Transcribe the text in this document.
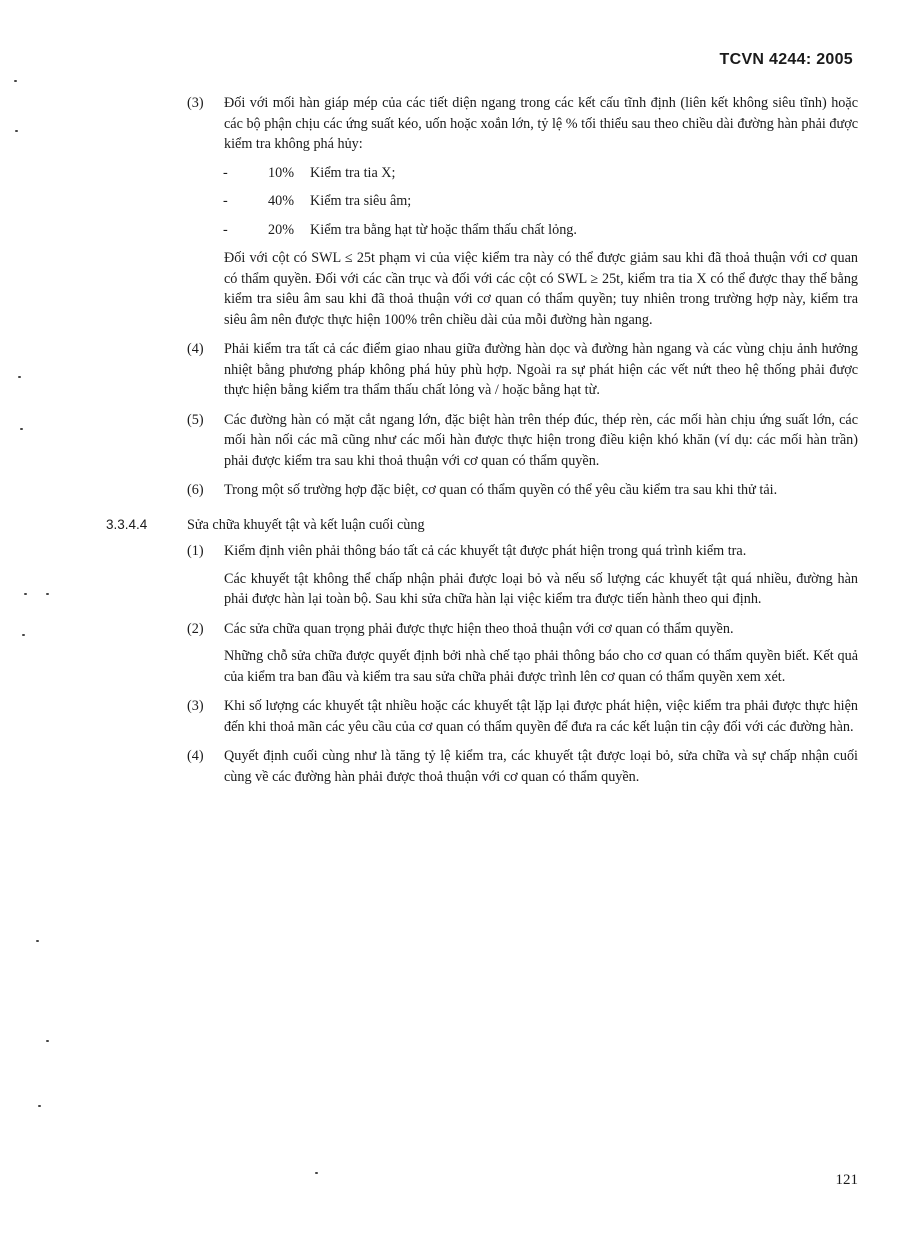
TCVN 4244: 2005
(3) Đối với mối hàn giáp mép của các tiết diện ngang trong các kết cấu tĩnh định (liên kết không siêu tĩnh) hoặc các bộ phận chịu các ứng suất kéo, uốn hoặc xoắn lớn, tỷ lệ % tối thiểu sau theo chiều dài đường hàn phải được kiểm tra không phá hủy:

- 10% Kiểm tra tia X;
- 40% Kiểm tra siêu âm;
- 20% Kiểm tra bằng hạt từ hoặc thẩm thấu chất lỏng.

Đối với cột có SWL ≤ 25t phạm vi của việc kiểm tra này có thể được giảm sau khi đã thoả thuận với cơ quan có thẩm quyền. Đối với các cần trục và đối với các cột có SWL ≥ 25t, kiểm tra tia X có thể được thay thế bằng kiểm tra siêu âm sau khi đã thoả thuận với cơ quan có thẩm quyền; tuy nhiên trong trường hợp này, kiểm tra siêu âm nên được thực hiện 100% trên chiều dài của mỗi đường hàn ngang.

(4) Phải kiểm tra tất cả các điểm giao nhau giữa đường hàn dọc và đường hàn ngang và các vùng chịu ảnh hưởng nhiệt bằng phương pháp không phá hủy phù hợp. Ngoài ra sự phát hiện các vết nứt theo hệ thống phải được thực hiện bằng kiểm tra thẩm thấu chất lỏng và / hoặc bằng hạt từ.

(5) Các đường hàn có mặt cắt ngang lớn, đặc biệt hàn trên thép đúc, thép rèn, các mối hàn chịu ứng suất lớn, các mối hàn nối các mã cũng như các mối hàn được thực hiện trong điều kiện khó khăn (ví dụ: các mối hàn trần) phải được kiểm tra sau khi thoả thuận với cơ quan có thẩm quyền.

(6) Trong một số trường hợp đặc biệt, cơ quan có thẩm quyền có thể yêu cầu kiểm tra sau khi thử tải.

3.3.4.4	Sửa chữa khuyết tật và kết luận cuối cùng
(1) Kiểm định viên phải thông báo tất cả các khuyết tật được phát hiện trong quá trình kiểm tra.

Các khuyết tật không thể chấp nhận phải được loại bỏ và nếu số lượng các khuyết tật quá nhiều, đường hàn phải được hàn lại toàn bộ. Sau khi sửa chữa hàn lại việc kiểm tra được tiến hành theo qui định.

(2) Các sửa chữa quan trọng phải được thực hiện theo thoả thuận với cơ quan có thẩm quyền.

Những chỗ sửa chữa được quyết định bởi nhà chế tạo phải thông báo cho cơ quan có thẩm quyền biết. Kết quả của kiểm tra ban đầu và kiểm tra sau sửa chữa phải được trình lên cơ quan có thẩm quyền xem xét.

(3) Khi số lượng các khuyết tật nhiều hoặc các khuyết tật lặp lại được phát hiện, việc kiểm tra phải được thực hiện đến khi thoả mãn các yêu cầu của cơ quan có thẩm quyền để đưa ra các kết luận tin cậy đối với các đường hàn.

(4) Quyết định cuối cùng như là tăng tỷ lệ kiểm tra, các khuyết tật được loại bỏ, sửa chữa và sự chấp nhận cuối cùng về các đường hàn phải được thoả thuận với cơ quan có thẩm quyền.

121
